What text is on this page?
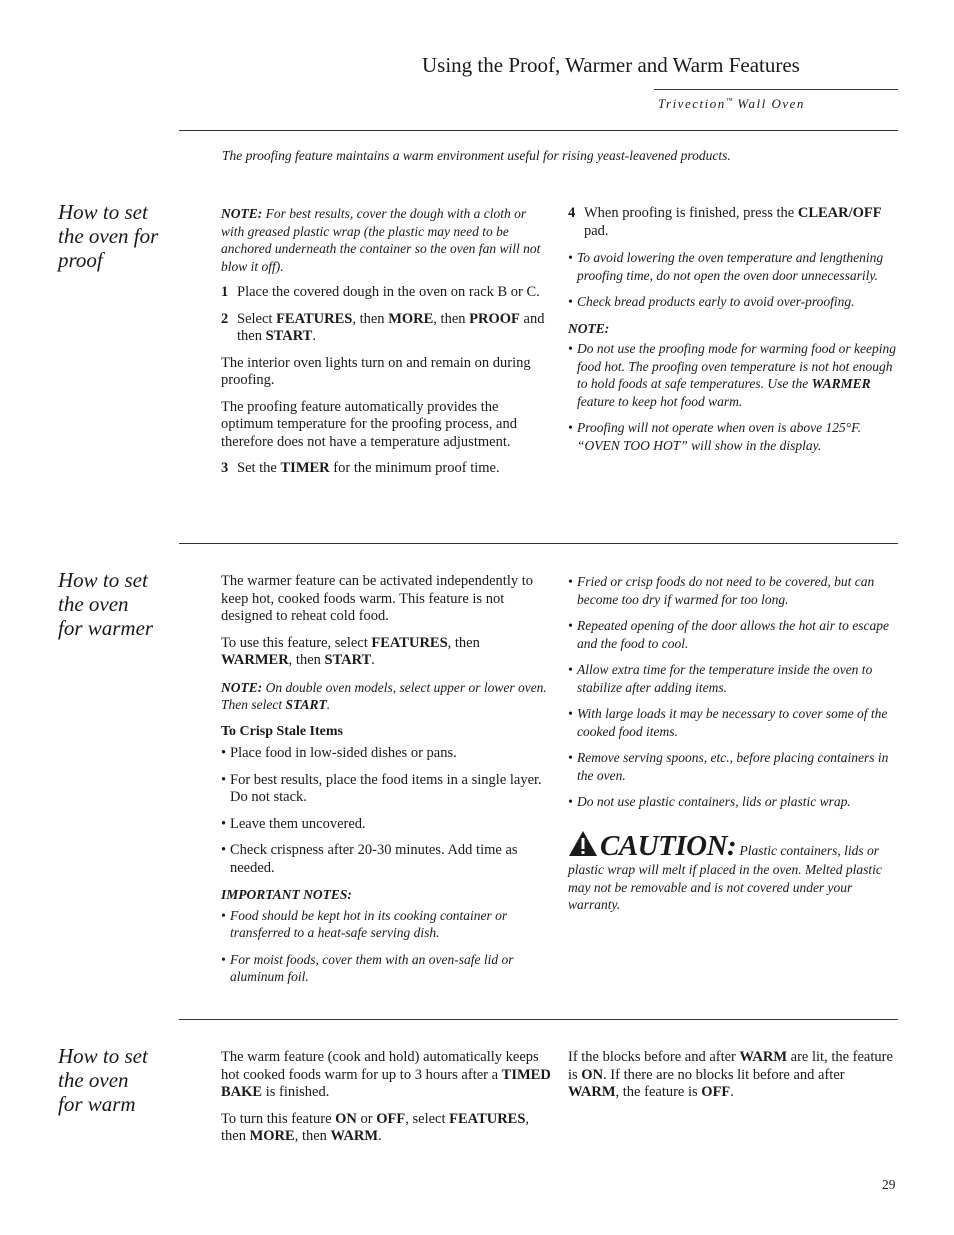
Using the Proof, Warmer and Warm Features
Trivection™ Wall Oven
The proofing feature maintains a warm environment useful for rising yeast-leavened products.
How to set
the oven for
proof

NOTE: For best results, cover the dough with a cloth or with greased plastic wrap (the plastic may need to be anchored underneath the container so the oven fan will not blow it off).

1 Place the covered dough in the oven on rack B or C.

2 Select FEATURES, then MORE, then PROOF and then START.

The interior oven lights turn on and remain on during proofing.

The proofing feature automatically provides the optimum temperature for the proofing process, and therefore does not have a temperature adjustment.

3 Set the TIMER for the minimum proof time.

4 When proofing is finished, press the CLEAR/OFF pad.

• To avoid lowering the oven temperature and lengthening proofing time, do not open the oven door unnecessarily.

• Check bread products early to avoid over-proofing.

NOTE:

• Do not use the proofing mode for warming food or keeping food hot. The proofing oven temperature is not hot enough to hold foods at safe temperatures. Use the WARMER feature to keep hot food warm.

• Proofing will not operate when oven is above 125°F. “OVEN TOO HOT” will show in the display.

How to set
the oven
for warmer

The warmer feature can be activated independently to keep hot, cooked foods warm. This feature is not designed to reheat cold food.

To use this feature, select FEATURES, then WARMER, then START.

NOTE: On double oven models, select upper or lower oven. Then select START.

To Crisp Stale Items

• Place food in low-sided dishes or pans.

• For best results, place the food items in a single layer. Do not stack.

• Leave them uncovered.

• Check crispness after 20-30 minutes. Add time as needed.

IMPORTANT NOTES:

• Food should be kept hot in its cooking container or transferred to a heat-safe serving dish.

• For moist foods, cover them with an oven-safe lid or aluminum foil.

• Fried or crisp foods do not need to be covered, but can become too dry if warmed for too long.

• Repeated opening of the door allows the hot air to escape and the food to cool.

• Allow extra time for the temperature inside the oven to stabilize after adding items.

• With large loads it may be necessary to cover some of the cooked food items.

• Remove serving spoons, etc., before placing containers in the oven.

• Do not use plastic containers, lids or plastic wrap.

CAUTION: Plastic containers, lids or plastic wrap will melt if placed in the oven. Melted plastic may not be removable and is not covered under your warranty.
How to set
the oven
for warm

The warm feature (cook and hold) automatically keeps hot cooked foods warm for up to 3 hours after a TIMED BAKE is finished.

To turn this feature ON or OFF, select FEATURES, then MORE, then WARM.

If the blocks before and after WARM are lit, the feature is ON. If there are no blocks lit before and after WARM, the feature is OFF.

29
